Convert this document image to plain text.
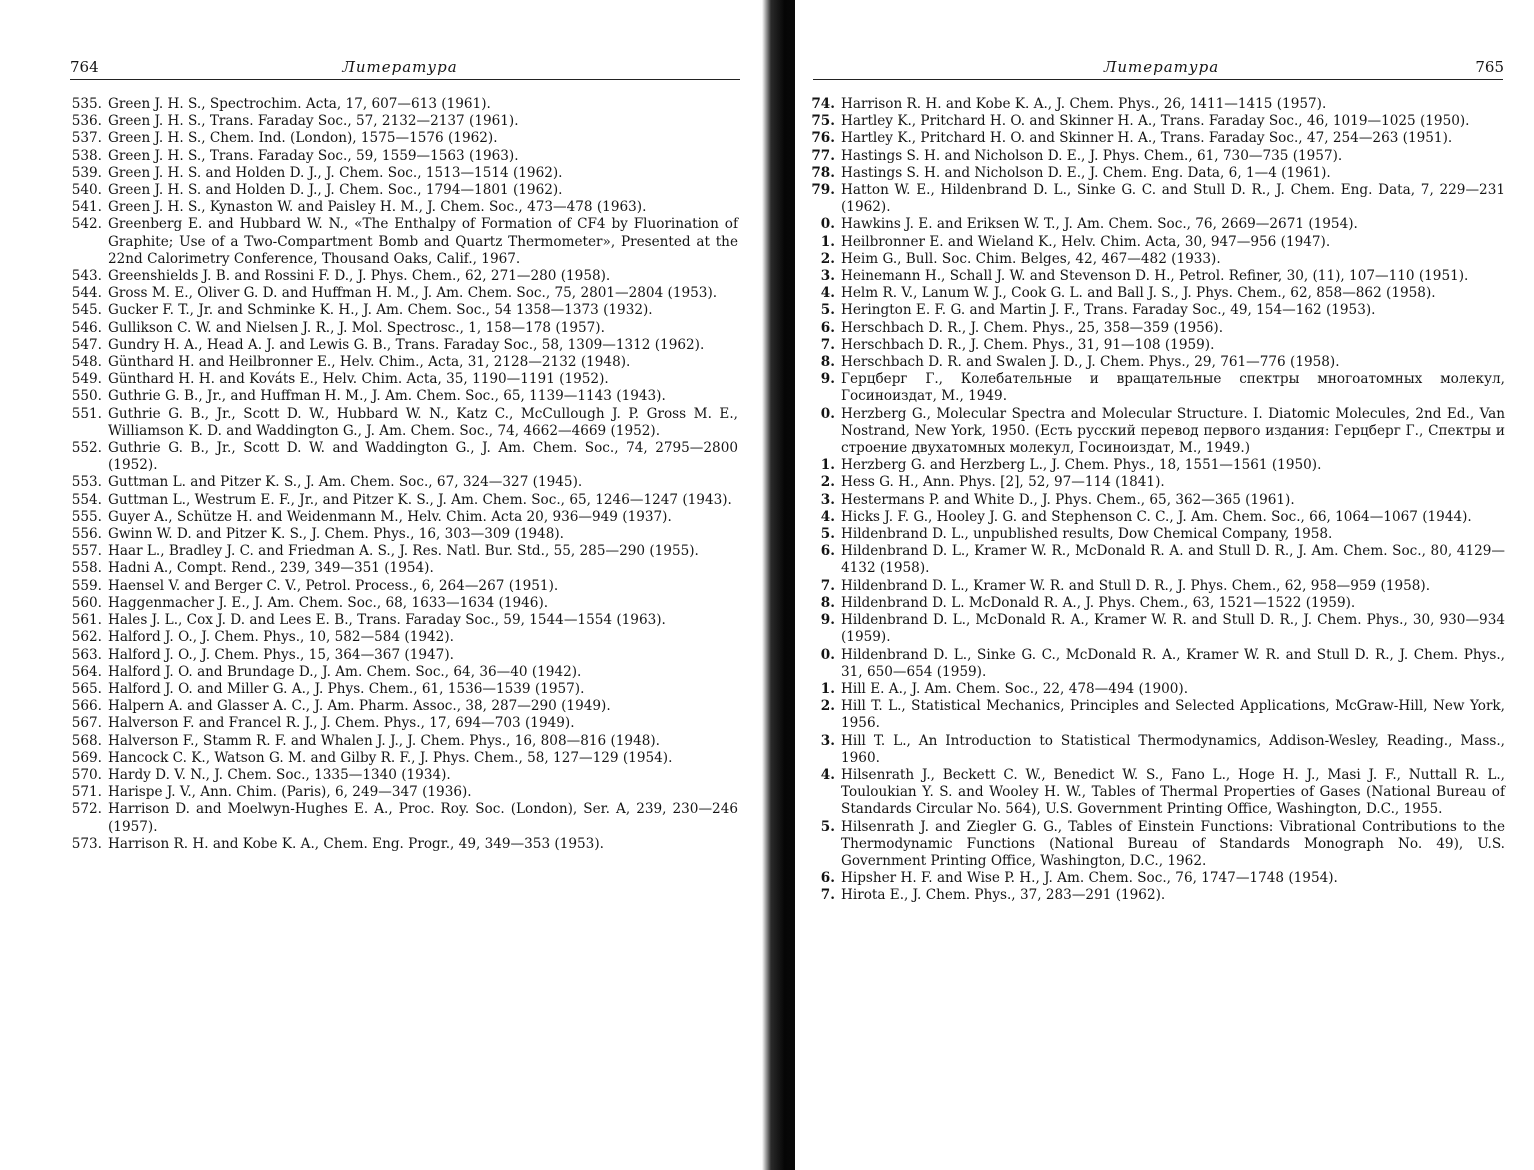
764	Литература
535. Green J. H. S., Spectrochim. Acta, 17, 607—613 (1961).
536. Green J. H. S., Trans. Faraday Soc., 57, 2132—2137 (1961).
537. Green J. H. S., Chem. Ind. (London), 1575—1576 (1962).
538. Green J. H. S., Trans. Faraday Soc., 59, 1559—1563 (1963).
539. Green J. H. S. and Holden D. J., J. Chem. Soc., 1513—1514 (1962).
540. Green J. H. S. and Holden D. J., J. Chem. Soc., 1794—1801 (1962).
541. Green J. H. S., Kynaston W. and Paisley H. M., J. Chem. Soc., 473—478 (1963).
542. Greenberg E. and Hubbard W. N., «The Enthalpy of Formation of CF4 by Fluorination of Graphite; Use of a Two-Compartment Bomb and Quartz Thermometer», Presented at the 22nd Calorimetry Conference, Thousand Oaks, Calif., 1967.
543. Greenshields J. B. and Rossini F. D., J. Phys. Chem., 62, 271—280 (1958).
544. Gross M. E., Oliver G. D. and Huffman H. M., J. Am. Chem. Soc., 75, 2801—2804 (1953).
545. Gucker F. T., Jr. and Schminke K. H., J. Am. Chem. Soc., 54 1358—1373 (1932).
546. Gullikson C. W. and Nielsen J. R., J. Mol. Spectrosc., 1, 158—178 (1957).
547. Gundry H. A., Head A. J. and Lewis G. B., Trans. Faraday Soc., 58, 1309—1312 (1962).
548. Günthard H. and Heilbronner E., Helv. Chim., Acta, 31, 2128—2132 (1948).
549. Günthard H. H. and Kováts E., Helv. Chim. Acta, 35, 1190—1191 (1952).
550. Guthrie G. B., Jr., and Huffman H. M., J. Am. Chem. Soc., 65, 1139—1143 (1943).
551. Guthrie G. B., Jr., Scott D. W., Hubbard W. N., Katz C., McCullough J. P. Gross M. E., Williamson K. D. and Waddington G., J. Am. Chem. Soc., 74, 4662—4669 (1952).
552. Guthrie G. B., Jr., Scott D. W. and Waddington G., J. Am. Chem. Soc., 74, 2795—2800 (1952).
553. Guttman L. and Pitzer K. S., J. Am. Chem. Soc., 67, 324—327 (1945).
554. Guttman L., Westrum E. F., Jr., and Pitzer K. S., J. Am. Chem. Soc., 65, 1246—1247 (1943).
555. Guyer A., Schütze H. and Weidenmann M., Helv. Chim. Acta 20, 936—949 (1937).
556. Gwinn W. D. and Pitzer K. S., J. Chem. Phys., 16, 303—309 (1948).
557. Haar L., Bradley J. C. and Friedman A. S., J. Res. Natl. Bur. Std., 55, 285—290 (1955).
558. Hadni A., Compt. Rend., 239, 349—351 (1954).
559. Haensel V. and Berger C. V., Petrol. Process., 6, 264—267 (1951).
560. Haggenmacher J. E., J. Am. Chem. Soc., 68, 1633—1634 (1946).
561. Hales J. L., Cox J. D. and Lees E. B., Trans. Faraday Soc., 59, 1544—1554 (1963).
562. Halford J. O., J. Chem. Phys., 10, 582—584 (1942).
563. Halford J. O., J. Chem. Phys., 15, 364—367 (1947).
564. Halford J. O. and Brundage D., J. Am. Chem. Soc., 64, 36—40 (1942).
565. Halford J. O. and Miller G. A., J. Phys. Chem., 61, 1536—1539 (1957).
566. Halpern A. and Glasser A. C., J. Am. Pharm. Assoc., 38, 287—290 (1949).
567. Halverson F. and Francel R. J., J. Chem. Phys., 17, 694—703 (1949).
568. Halverson F., Stamm R. F. and Whalen J. J., J. Chem. Phys., 16, 808—816 (1948).
569. Hancock C. K., Watson G. M. and Gilby R. F., J. Phys. Chem., 58, 127—129 (1954).
570. Hardy D. V. N., J. Chem. Soc., 1335—1340 (1934).
571. Harispe J. V., Ann. Chim. (Paris), 6, 249—347 (1936).
572. Harrison D. and Moelwyn-Hughes E. A., Proc. Roy. Soc. (London), Ser. A, 239, 230—246 (1957).
573. Harrison R. H. and Kobe K. A., Chem. Eng. Progr., 49, 349—353 (1953).
Литература	765
74. Harrison R. H. and Kobe K. A., J. Chem. Phys., 26, 1411—1415 (1957).
75. Hartley K., Pritchard H. O. and Skinner H. A., Trans. Faraday Soc., 46, 1019—1025 (1950).
76. Hartley K., Pritchard H. O. and Skinner H. A., Trans. Faraday Soc., 47, 254—263 (1951).
77. Hastings S. H. and Nicholson D. E., J. Phys. Chem., 61, 730—735 (1957).
78. Hastings S. H. and Nicholson D. E., J. Chem. Eng. Data, 6, 1—4 (1961).
79. Hatton W. E., Hildenbrand D. L., Sinke G. C. and Stull D. R., J. Chem. Eng. Data, 7, 229—231 (1962).
0. Hawkins J. E. and Eriksen W. T., J. Am. Chem. Soc., 76, 2669—2671 (1954).
1. Heilbronner E. and Wieland K., Helv. Chim. Acta, 30, 947—956 (1947).
2. Heim G., Bull. Soc. Chim. Belges, 42, 467—482 (1933).
3. Heinemann H., Schall J. W. and Stevenson D. H., Petrol. Refiner, 30, (11), 107—110 (1951).
4. Helm R. V., Lanum W. J., Cook G. L. and Ball J. S., J. Phys. Chem., 62, 858—862 (1958).
5. Herington E. F. G. and Martin J. F., Trans. Faraday Soc., 49, 154—162 (1953).
6. Herschbach D. R., J. Chem. Phys., 25, 358—359 (1956).
7. Herschbach D. R., J. Chem. Phys., 31, 91—108 (1959).
8. Herschbach D. R. and Swalen J. D., J. Chem. Phys., 29, 761—776 (1958).
9. Герцберг Г., Колебательные и вращательные спектры многоатомных молекул, Госиноиздат, М., 1949.
0. Herzberg G., Molecular Spectra and Molecular Structure. I. Diatomic Molecules, 2nd Ed., Van Nostrand, New York, 1950. (Есть русский перевод первого издания: Герцберг Г., Спектры и строение двухатомных молекул, Госиноиздат, М., 1949.)
1. Herzberg G. and Herzberg L., J. Chem. Phys., 18, 1551—1561 (1950).
2. Hess G. H., Ann. Phys. [2], 52, 97—114 (1841).
3. Hestermans P. and White D., J. Phys. Chem., 65, 362—365 (1961).
4. Hicks J. F. G., Hooley J. G. and Stephenson C. C., J. Am. Chem. Soc., 66, 1064—1067 (1944).
5. Hildenbrand D. L., unpublished results, Dow Chemical Company, 1958.
6. Hildenbrand D. L., Kramer W. R., McDonald R. A. and Stull D. R., J. Am. Chem. Soc., 80, 4129—4132 (1958).
7. Hildenbrand D. L., Kramer W. R. and Stull D. R., J. Phys. Chem., 62, 958—959 (1958).
8. Hildenbrand D. L. McDonald R. A., J. Phys. Chem., 63, 1521—1522 (1959).
9. Hildenbrand D. L., McDonald R. A., Kramer W. R. and Stull D. R., J. Chem. Phys., 30, 930—934 (1959).
0. Hildenbrand D. L., Sinke G. C., McDonald R. A., Kramer W. R. and Stull D. R., J. Chem. Phys., 31, 650—654 (1959).
1. Hill E. A., J. Am. Chem. Soc., 22, 478—494 (1900).
2. Hill T. L., Statistical Mechanics, Principles and Selected Applications, McGraw-Hill, New York, 1956.
3. Hill T. L., An Introduction to Statistical Thermodynamics, Addison-Wesley, Reading., Mass., 1960.
4. Hilsenrath J., Beckett C. W., Benedict W. S., Fano L., Hoge H. J., Masi J. F., Nuttall R. L., Touloukian Y. S. and Wooley H. W., Tables of Thermal Properties of Gases (National Bureau of Standards Circular No. 564), U.S. Government Printing Office, Washington, D.C., 1955.
5. Hilsenrath J. and Ziegler G. G., Tables of Einstein Functions: Vibrational Contributions to the Thermodynamic Functions (National Bureau of Standards Monograph No. 49), U.S. Government Printing Office, Washington, D.C., 1962.
6. Hipsher H. F. and Wise P. H., J. Am. Chem. Soc., 76, 1747—1748 (1954).
7. Hirota E., J. Chem. Phys., 37, 283—291 (1962).
